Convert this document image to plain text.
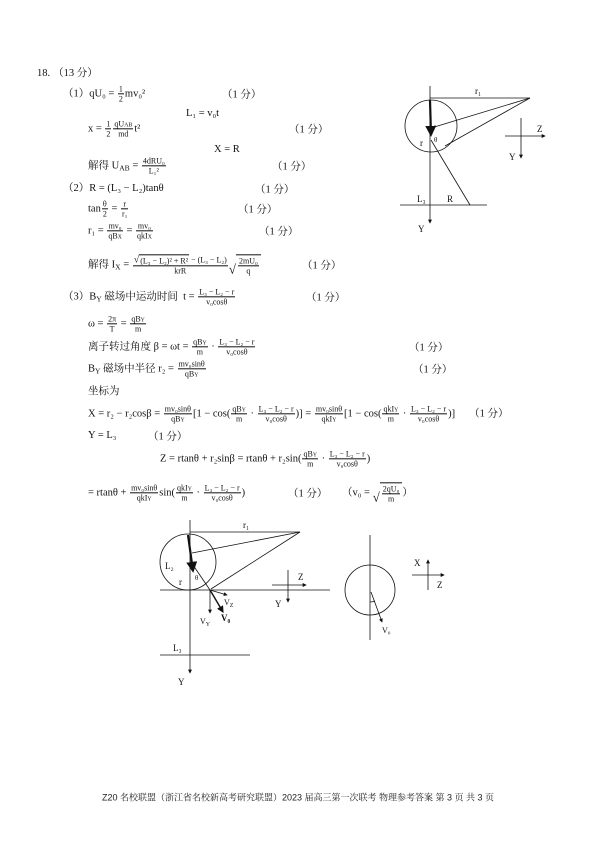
18. （13 分）
$(1)qU_0 = \frac{1}{2} mv_0^2$	（1 分）
L₁ = v₀t
$x = \frac{1}{2} \frac{\text{qU AB}}{md} t^2$	（1 分）
X = R
解得 U AB = $\frac{\text{4dRU₀}}{\text{L₁²}}$	（1 分）
（2）R = (L₃ − L₂)tanθ	（1 分）
$\tan \frac{\theta}{2} = \frac{r}{\text{r₁}}$	（1 分）
$r_1 = \frac{\text{mv₀}}{\text{qB X}} = \frac{\text{mv₀}}{\text{qkI X}}$	（1 分）
解得 I $X = \frac{\text{√ (L₃ − L₂)² + R² − (L₃ − L₂)}}{\text{krR}}$ √ $\frac{\text{2mU₀}}{q}$	（1 分）
（3）B Y 磁场中运动时间  $t = \frac{\text{L₃ − L₂ − r}}{\text{v₀cosθ}}$	（1 分）
$\omega = \frac{2\pi}{T} = \frac{\text{qB Y}}{m}$
离子转过角度 $\beta = \omega t = \frac{\text{qB Y}}{m} \cdot \frac{\text{L₃ − L₂ − r}}{\text{v₀cosθ}}$	（1 分）
B Y 磁场中半径 $r_2 = \frac{\text{mv₀sinθ}}{\text{qB Y}}$	（1 分）
坐标为
$X = r_2 - r_2\cos\beta = \frac{\text{mv₀sinθ}}{\text{qB Y}} [1 - \cos( \frac{\text{qB Y}}{m} \cdot \frac{\text{L₃ − L₂ − r}}{\text{v₀cosθ}}$ )] = $\frac{\text{mv₀sinθ}}{\text{qkI Y}} [1 - \cos( \frac{\text{qkI Y}}{m} \cdot \frac{\text{L₃ − L₂ − r}}{\text{v₀cosθ}}$ )] （1 分）
Y = L₃	（1 分）
$Z = rtan\theta + r_2\sin\beta = rtan\theta + r_2\sin( \frac{\text{qB Y}}{m} \cdot \frac{\text{L₃ − L₂ − r}}{\text{v₀cosθ}}$ )
= $rtan\theta + \frac{\text{mv₀sinθ}}{\text{qkI Y}} \sin( \frac{\text{qkI Y}}{m} \cdot \frac{\text{L₃ − L₂ − r}}{\text{v₀cosθ}}$ )	（1 分） （v₀ = √ $\frac{\text{2qU₀}}{m}$ ）
r₁
r θ
L₃ R
Z
Y
Y
r₁
L₂
r θ
$V_Z$
$V_Y$
V₀
L₃
Z
Y
Y
X
Z
V₀
Z20 名校联盟（浙江省名校新高考研究联盟）2023 届高三第一次联考 物理参考答案 第 3 页 共 3 页
